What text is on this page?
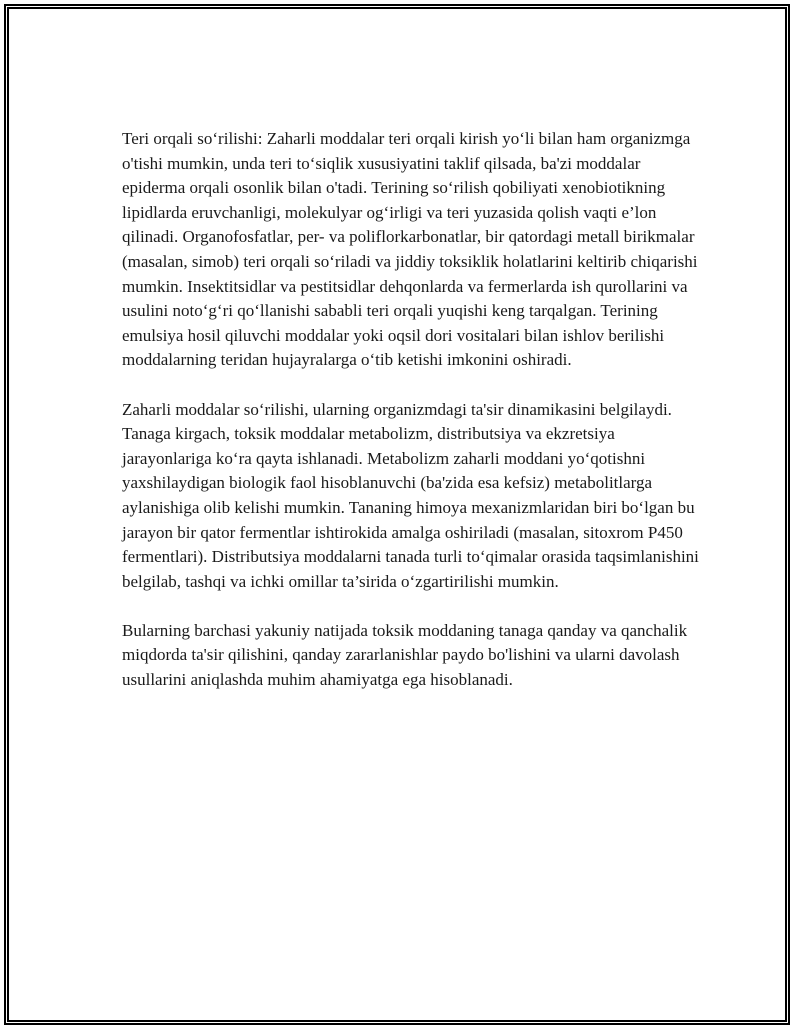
Teri orqali so‘rilishi: Zaharli moddalar teri orqali kirish yo‘li bilan ham organizmga o'tishi mumkin, unda teri to‘siqlik xususiyatini taklif qilsada, ba'zi moddalar epiderma orqali osonlik bilan o'tadi. Terining so‘rilish qobiliyati xenobiotikning lipidlarda eruvchanligi, molekulyar og‘irligi va teri yuzasida qolish vaqti e’lon qilinadi. Organofosfatlar, per- va poliflorkarbonatlar, bir qatordagi metall birikmalar (masalan, simob) teri orqali so‘riladi va jiddiy toksiklik holatlarini keltirib chiqarishi mumkin. Insektitsidlar va pestitsidlar dehqonlarda va fermerlarda ish qurollarini va usulini noto‘g‘ri qo‘llanishi sababli teri orqali yuqishi keng tarqalgan. Terining emulsiya hosil qiluvchi moddalar yoki oqsil dori vositalari bilan ishlov berilishi moddalarning teridan hujayralarga o‘tib ketishi imkonini oshiradi.

Zaharli moddalar so‘rilishi, ularning organizmdagi ta'sir dinamikasini belgilaydi. Tanaga kirgach, toksik moddalar metabolizm, distributsiya va ekzretsiya jarayonlariga ko‘ra qayta ishlanadi. Metabolizm zaharli moddani yo‘qotishni yaxshilaydigan biologik faol hisoblanuvchi (ba'zida esa kefsiz) metabolitlarga aylanishiga olib kelishi mumkin. Tananing himoya mexanizmlaridan biri bo‘lgan bu jarayon bir qator fermentlar ishtirokida amalga oshiriladi (masalan, sitoxrom P450 fermentlari). Distributsiya moddalarni tanada turli to‘qimalar orasida taqsimlanishini belgilab, tashqi va ichki omillar ta’sirida o‘zgartirilishi mumkin.

Bularning barchasi yakuniy natijada toksik moddaning tanaga qanday va qanchalik miqdorda ta'sir qilishini, qanday zararlanishlar paydo bo'lishini va ularni davolash usullarini aniqlashda muhim ahamiyatga ega hisoblanadi.
